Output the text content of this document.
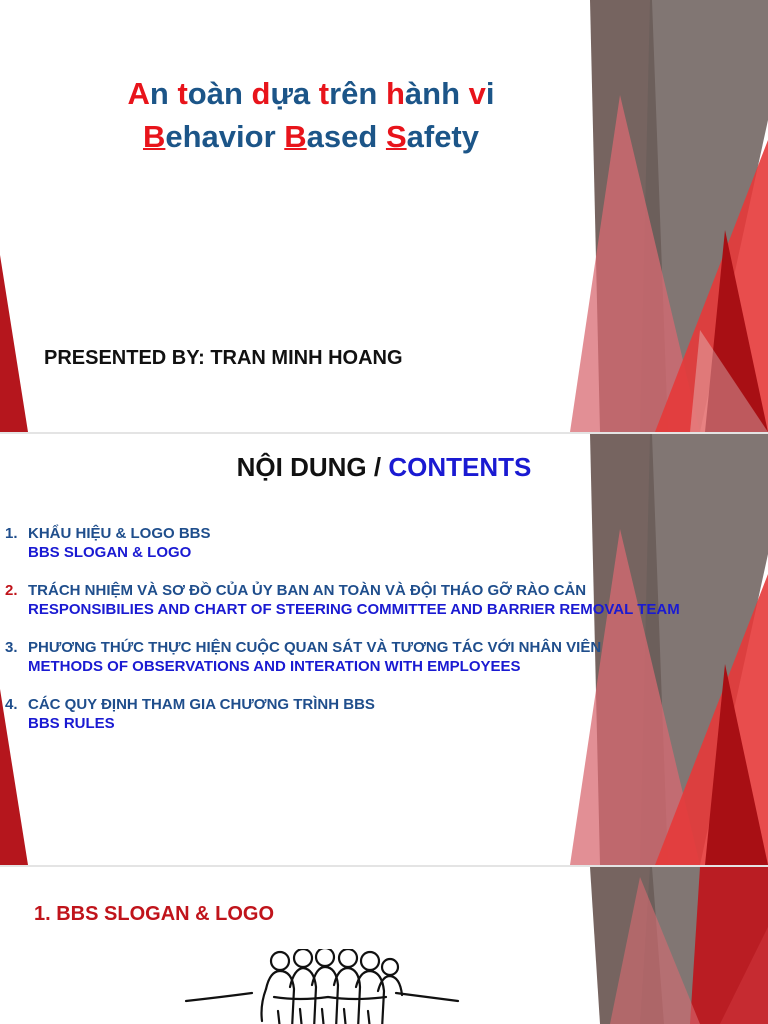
An toàn dựa trên hành vi
Behavior Based Safety
PRESENTED BY: TRAN MINH HOANG
NỘI DUNG / CONTENTS
1. KHẨU HIỆU & LOGO BBS
BBS SLOGAN & LOGO
2. TRÁCH NHIỆM VÀ SƠ ĐỒ CỦA ỦY BAN AN TOÀN VÀ ĐỘI THÁO GỠ RÀO CẢN
RESPONSIBILIES AND CHART OF STEERING COMMITTEE AND BARRIER REMOVAL TEAM
3. PHƯƠNG THỨC THỰC HIỆN CUỘC QUAN SÁT VÀ TƯƠNG TÁC VỚI NHÂN VIÊN
METHODS OF OBSERVATIONS AND INTERATION WITH EMPLOYEES
4. CÁC QUY ĐỊNH THAM GIA CHƯƠNG TRÌNH BBS
BBS RULES
1. BBS SLOGAN & LOGO
